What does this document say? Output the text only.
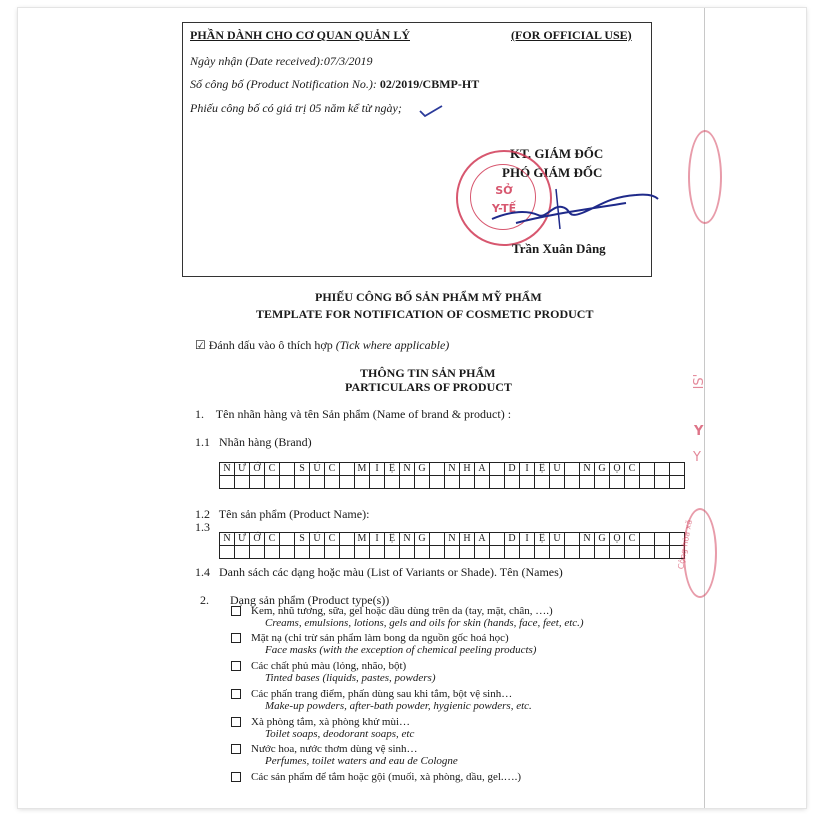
PHẦN DÀNH CHO CƠ QUAN QUẢN LÝ	(FOR OFFICIAL USE)
Ngày nhận (Date received):07/3/2019
Số công bố (Product Notification No.): 02/2019/CBMP-HT
Phiếu công bố có giá trị 05 năm kể từ ngày;
KT. GIÁM ĐỐC
PHÓ GIÁM ĐỐC
SỞ
Y-TẾ
Trần Xuân Dâng
PHIẾU CÔNG BỐ SẢN PHẨM MỸ PHẨM
TEMPLATE FOR NOTIFICATION OF COSMETIC PRODUCT
☑ Đánh dấu vào ô thích hợp (Tick where applicable)
THÔNG TIN SẢN PHẨM
PARTICULARS OF PRODUCT
1.    Tên nhãn hàng và tên Sản phẩm (Name of brand & product) :
1.1   Nhãn hàng (Brand)
N	Ư	Ớ	C		S	Ú	C		M	I	Ệ	N	G		N	H	A		D	I	Ệ	U		N	G	Ọ	C			

1.2   Tên sản phẩm (Product Name):
1.3
N	Ư	Ớ	C		S	Ú	C		M	I	Ệ	N	G		N	H	A		D	I	Ệ	U		N	G	Ọ	C			

1.4   Danh sách các dạng hoặc màu (List of Variants or Shade). Tên (Names)
2.       Dạng sản phẩm (Product type(s))
Kem, nhũ tương, sữa, gel hoặc dầu dùng trên da (tay, mặt, chân, ….)
Creams, emulsions, lotions, gels and oils for skin (hands, face, feet, etc.)
Mặt nạ (chỉ trừ sản phẩm làm bong da nguồn gốc hoá học)
Face masks (with the exception of chemical peeling products)
Các chất phủ màu (lỏng, nhão, bột)
Tinted bases (liquids, pastes, powders)
Các phấn trang điểm, phấn dùng sau khi tắm, bột vệ sinh…
Make-up powders, after-bath powder, hygienic powders, etc.
Xà phòng tắm, xà phòng khử mùi…
Toilet soaps, deodorant soaps, etc
Nước hoa, nước thơm dùng vệ sinh…
Perfumes, toilet waters and eau de Cologne
Các sản phẩm để tắm hoặc gội (muối, xà phòng, dầu, gel.….)
lS'
Y
Y
Cộng hòa xã
